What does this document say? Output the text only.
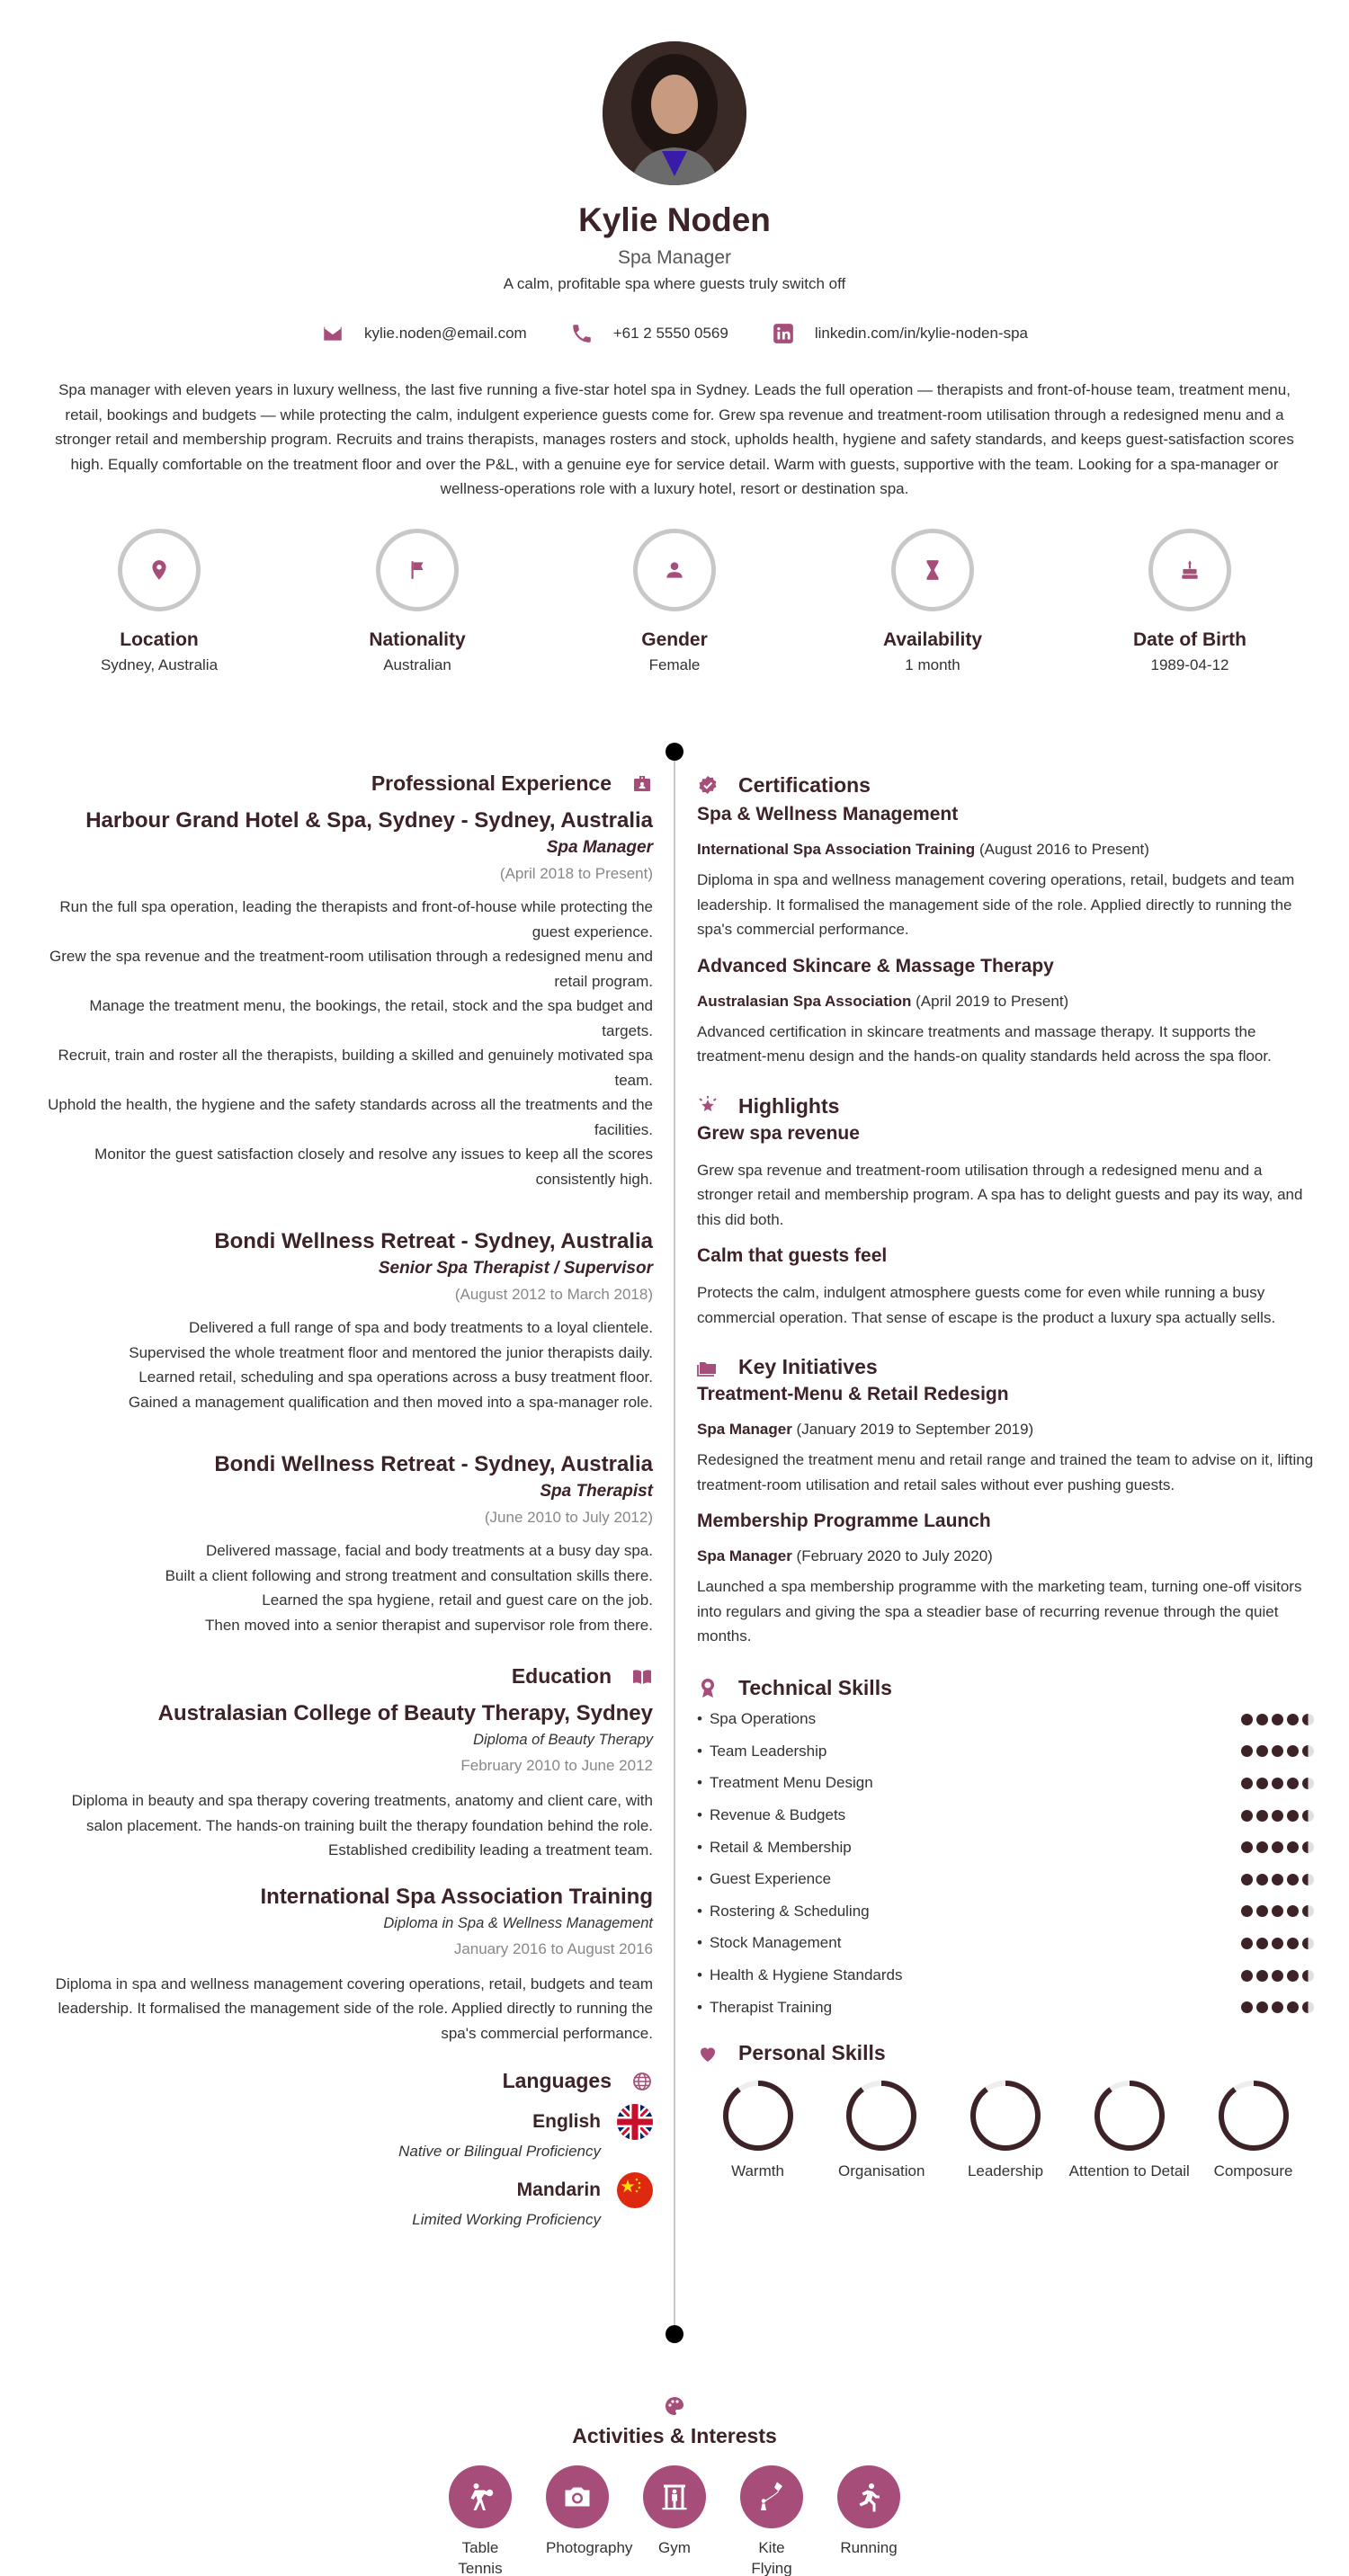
Kylie Noden
Spa Manager
A calm, profitable spa where guests truly switch off
kylie.noden@email.com	+61 2 5550 0569	linkedin.com/in/kylie-noden-spa
Spa manager with eleven years in luxury wellness, the last five running a five-star hotel spa in Sydney. Leads the full operation — therapists and front-of-house team, treatment menu, retail, bookings and budgets — while protecting the calm, indulgent experience guests come for. Grew spa revenue and treatment-room utilisation through a redesigned menu and a stronger retail and membership program. Recruits and trains therapists, manages rosters and stock, upholds health, hygiene and safety standards, and keeps guest-satisfaction scores high. Equally comfortable on the treatment floor and over the P&L, with a genuine eye for service detail. Warm with guests, supportive with the team. Looking for a spa-manager or wellness-operations role with a luxury hotel, resort or destination spa.
Location
Sydney, Australia
Nationality
Australian
Gender
Female
Availability
1 month
Date of Birth
1989-04-12
Professional Experience
Harbour Grand Hotel & Spa, Sydney - Sydney, Australia
Spa Manager
(April 2018 to Present)
Run the full spa operation, leading the therapists and front-of-house while protecting the guest experience.
Grew the spa revenue and the treatment-room utilisation through a redesigned menu and retail program.
Manage the treatment menu, the bookings, the retail, stock and the spa budget and targets.
Recruit, train and roster all the therapists, building a skilled and genuinely motivated spa team.
Uphold the health, the hygiene and the safety standards across all the treatments and the facilities.
Monitor the guest satisfaction closely and resolve any issues to keep all the scores consistently high.
Bondi Wellness Retreat - Sydney, Australia
Senior Spa Therapist / Supervisor
(August 2012 to March 2018)
Delivered a full range of spa and body treatments to a loyal clientele.
Supervised the whole treatment floor and mentored the junior therapists daily.
Learned retail, scheduling and spa operations across a busy treatment floor.
Gained a management qualification and then moved into a spa-manager role.
Bondi Wellness Retreat - Sydney, Australia
Spa Therapist
(June 2010 to July 2012)
Delivered massage, facial and body treatments at a busy day spa.
Built a client following and strong treatment and consultation skills there.
Learned the spa hygiene, retail and guest care on the job.
Then moved into a senior therapist and supervisor role from there.
Education
Australasian College of Beauty Therapy, Sydney
Diploma of Beauty Therapy
February 2010 to June 2012
Diploma in beauty and spa therapy covering treatments, anatomy and client care, with salon placement. The hands-on training built the therapy foundation behind the role. Established credibility leading a treatment team.
International Spa Association Training
Diploma in Spa & Wellness Management
January 2016 to August 2016
Diploma in spa and wellness management covering operations, retail, budgets and team leadership. It formalised the management side of the role. Applied directly to running the spa's commercial performance.
Languages
English
Native or Bilingual Proficiency
Mandarin
Limited Working Proficiency
Certifications
Spa & Wellness Management
International Spa Association Training (August 2016 to Present)
Diploma in spa and wellness management covering operations, retail, budgets and team leadership. It formalised the management side of the role. Applied directly to running the spa's commercial performance.
Advanced Skincare & Massage Therapy
Australasian Spa Association (April 2019 to Present)
Advanced certification in skincare treatments and massage therapy. It supports the treatment-menu design and the hands-on quality standards held across the spa floor.
Highlights
Grew spa revenue
Grew spa revenue and treatment-room utilisation through a redesigned menu and a stronger retail and membership program. A spa has to delight guests and pay its way, and this did both.
Calm that guests feel
Protects the calm, indulgent atmosphere guests come for even while running a busy commercial operation. That sense of escape is the product a luxury spa actually sells.
Key Initiatives
Treatment-Menu & Retail Redesign
Spa Manager (January 2019 to September 2019)
Redesigned the treatment menu and retail range and trained the team to advise on it, lifting treatment-room utilisation and retail sales without ever pushing guests.
Membership Programme Launch
Spa Manager (February 2020 to July 2020)
Launched a spa membership programme with the marketing team, turning one-off visitors into regulars and giving the spa a steadier base of recurring revenue through the quiet months.
Technical Skills
• Spa Operations
• Team Leadership
• Treatment Menu Design
• Revenue & Budgets
• Retail & Membership
• Guest Experience
• Rostering & Scheduling
• Stock Management
• Health & Hygiene Standards
• Therapist Training
Personal Skills
Warmth	Organisation	Leadership	Attention to Detail	Composure
Activities & Interests
Table Tennis
Photography	Gym	Kite Flying
Running
